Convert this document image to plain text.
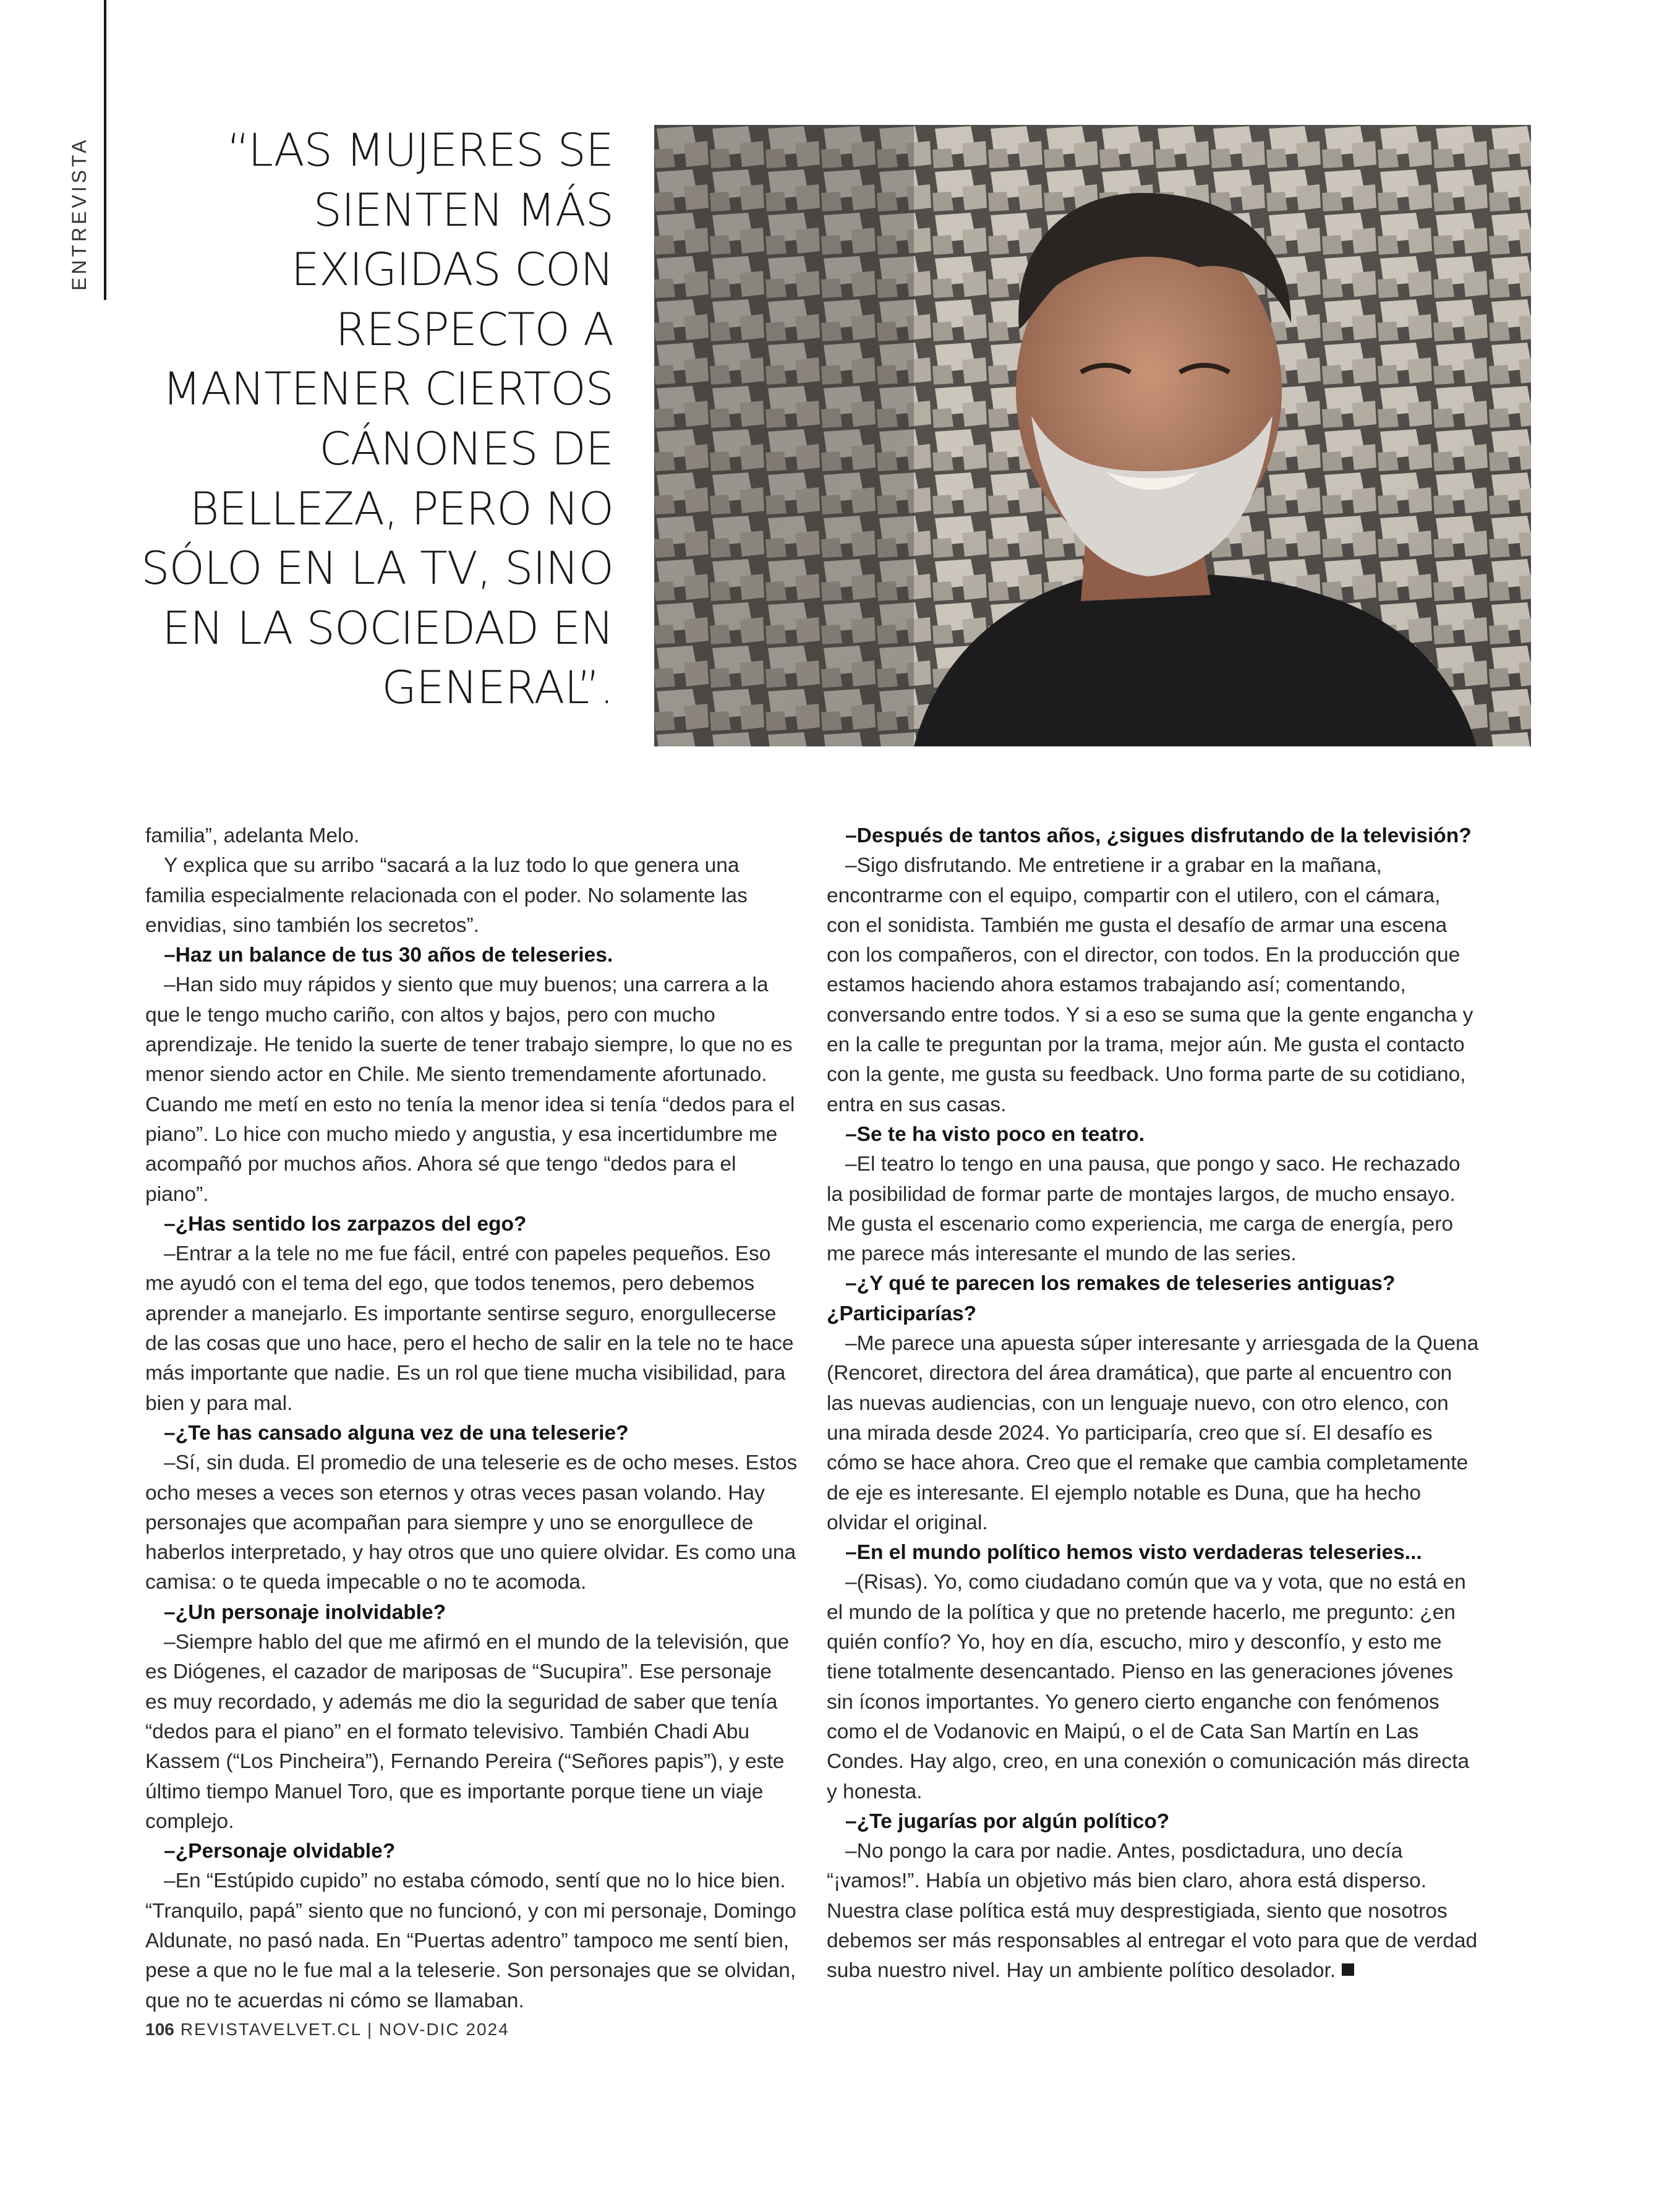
ENTREVISTA	“LAS MUJERES SE SIENTEN MÁS EXIGIDAS CON RESPECTO A MANTENER CIERTOS CÁNONES DE BELLEZA, PERO NO SÓLO EN LA TV, SINO EN LA SOCIEDAD EN GENERAL”.

familia”, adelanta Melo.

Y explica que su arribo “sacará a la luz todo lo que genera una familia especialmente relacionada con el poder. No solamente las envidias, sino también los secretos”.

–Haz un balance de tus 30 años de teleseries.

–Han sido muy rápidos y siento que muy buenos; una carrera a la que le tengo mucho cariño, con altos y bajos, pero con mucho aprendizaje. He tenido la suerte de tener trabajo siempre, lo que no es menor siendo actor en Chile. Me siento tremendamente afortunado. Cuando me metí en esto no tenía la menor idea si tenía “dedos para el piano”. Lo hice con mucho miedo y angustia, y esa incertidumbre me acompañó por muchos años. Ahora sé que tengo “dedos para el piano”.

–¿Has sentido los zarpazos del ego?

–Entrar a la tele no me fue fácil, entré con papeles pequeños. Eso me ayudó con el tema del ego, que todos tenemos, pero debemos aprender a manejarlo. Es importante sentirse seguro, enorgullecerse de las cosas que uno hace, pero el hecho de salir en la tele no te hace más importante que nadie. Es un rol que tiene mucha visibilidad, para bien y para mal.

–¿Te has cansado alguna vez de una teleserie?

–Sí, sin duda. El promedio de una teleserie es de ocho meses. Estos ocho meses a veces son eternos y otras veces pasan volando. Hay personajes que acompañan para siempre y uno se enorgullece de haberlos interpretado, y hay otros que uno quiere olvidar. Es como una camisa: o te queda impecable o no te acomoda.

–¿Un personaje inolvidable?

–Siempre hablo del que me afirmó en el mundo de la televisión, que es Diógenes, el cazador de mariposas de “Sucupira”. Ese personaje es muy recordado, y además me dio la seguridad de saber que tenía “dedos para el piano” en el formato televisivo. También Chadi Abu Kassem (“Los Pincheira”), Fernando Pereira (“Señores papis”), y este último tiempo Manuel Toro, que es importante porque tiene un viaje complejo.

–¿Personaje olvidable?

–En “Estúpido cupido” no estaba cómodo, sentí que no lo hice bien. “Tranquilo, papá” siento que no funcionó, y con mi personaje, Domingo Aldunate, no pasó nada. En “Puertas adentro” tampoco me sentí bien, pese a que no le fue mal a la teleserie. Son personajes que se olvidan, que no te acuerdas ni cómo se llamaban.

–Después de tantos años, ¿sigues disfrutando de la televisión?

–Sigo disfrutando. Me entretiene ir a grabar en la mañana, encontrarme con el equipo, compartir con el utilero, con el cámara, con el sonidista. También me gusta el desafío de armar una escena con los compañeros, con el director, con todos. En la producción que estamos haciendo ahora estamos trabajando así; comentando, conversando entre todos. Y si a eso se suma que la gente engancha y en la calle te preguntan por la trama, mejor aún. Me gusta el contacto con la gente, me gusta su feedback. Uno forma parte de su cotidiano, entra en sus casas.

–Se te ha visto poco en teatro.

–El teatro lo tengo en una pausa, que pongo y saco. He rechazado la posibilidad de formar parte de montajes largos, de mucho ensayo. Me gusta el escenario como experiencia, me carga de energía, pero me parece más interesante el mundo de las series.

–¿Y qué te parecen los remakes de teleseries antiguas? ¿Participarías?

–Me parece una apuesta súper interesante y arriesgada de la Quena (Rencoret, directora del área dramática), que parte al encuentro con las nuevas audiencias, con un lenguaje nuevo, con otro elenco, con una mirada desde 2024. Yo participaría, creo que sí. El desafío es cómo se hace ahora. Creo que el remake que cambia completamente de eje es interesante. El ejemplo notable es Duna, que ha hecho olvidar el original.

–En el mundo político hemos visto verdaderas teleseries...

–(Risas). Yo, como ciudadano común que va y vota, que no está en el mundo de la política y que no pretende hacerlo, me pregunto: ¿en quién confío? Yo, hoy en día, escucho, miro y desconfío, y esto me tiene totalmente desencantado. Pienso en las generaciones jóvenes sin íconos importantes. Yo genero cierto enganche con fenómenos como el de Vodanovic en Maipú, o el de Cata San Martín en Las Condes. Hay algo, creo, en una conexión o comunicación más directa y honesta.

–¿Te jugarías por algún político?

–No pongo la cara por nadie. Antes, posdictadura, uno decía “¡vamos!”. Había un objetivo más bien claro, ahora está disperso. Nuestra clase política está muy desprestigiada, siento que nosotros debemos ser más responsables al entregar el voto para que de verdad suba nuestro nivel. Hay un ambiente político desolador.

106 REVISTAVELVET.CL | NOV-DIC 2024
